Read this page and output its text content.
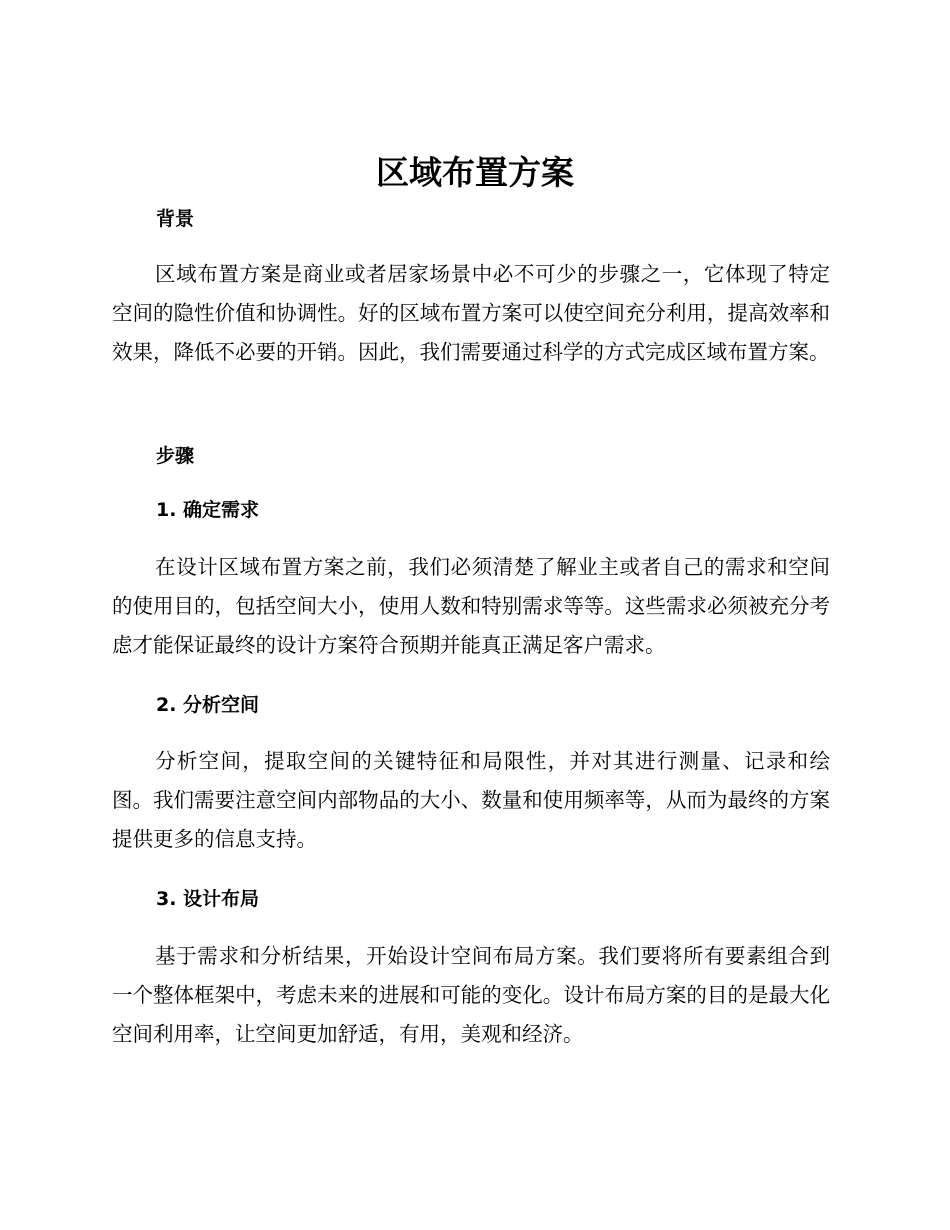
区域布置方案
背景

区域布置方案是商业或者居家场景中必不可少的步骤之一，它体现了特定空间的隐性价值和协调性。好的区域布置方案可以使空间充分利用，提高效率和效果，降低不必要的开销。因此，我们需要通过科学的方式完成区域布置方案。

步骤
1. 确定需求

在设计区域布置方案之前，我们必须清楚了解业主或者自己的需求和空间的使用目的，包括空间大小，使用人数和特别需求等等。这些需求必须被充分考虑才能保证最终的设计方案符合预期并能真正满足客户需求。

2. 分析空间

分析空间，提取空间的关键特征和局限性，并对其进行测量、记录和绘图。我们需要注意空间内部物品的大小、数量和使用频率等，从而为最终的方案提供更多的信息支持。

3. 设计布局

基于需求和分析结果，开始设计空间布局方案。我们要将所有要素组合到一个整体框架中，考虑未来的进展和可能的变化。设计布局方案的目的是最大化空间利用率，让空间更加舒适，有用，美观和经济。
